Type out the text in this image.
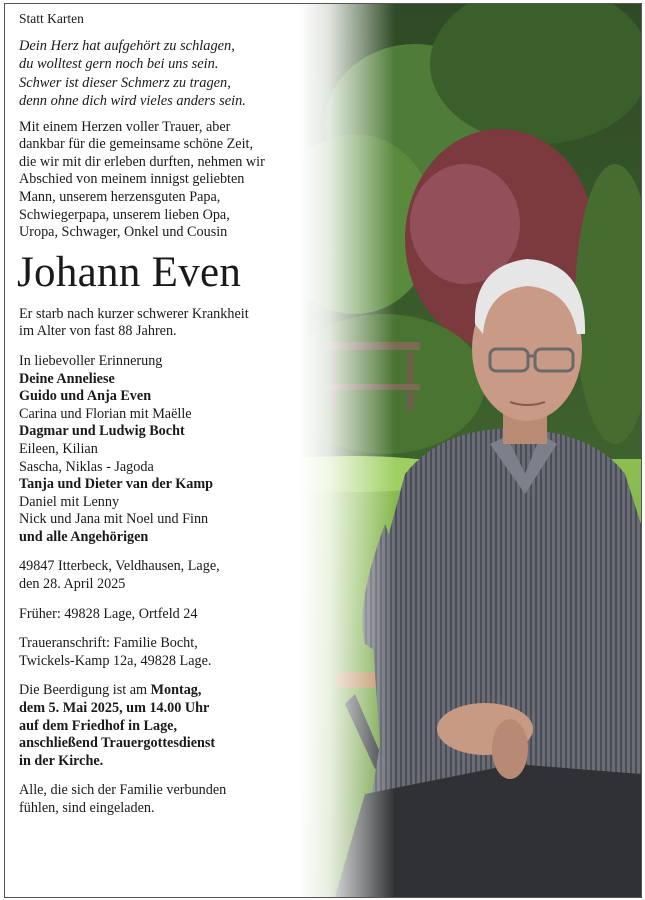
Statt Karten

Dein Herz hat aufgehört zu schlagen,
du wolltest gern noch bei uns sein.
Schwer ist dieser Schmerz zu tragen,
denn ohne dich wird vieles anders sein.

Mit einem Herzen voller Trauer, aber
dankbar für die gemeinsame schöne Zeit,
die wir mit dir erleben durften, nehmen wir
Abschied von meinem innigst geliebten
Mann, unserem herzensguten Papa,
Schwiegerpapa, unserem lieben Opa,
Uropa, Schwager, Onkel und Cousin

Johann Even

Er starb nach kurzer schwerer Krankheit
im Alter von fast 88 Jahren.

In liebevoller Erinnerung
Deine Anneliese
Guido und Anja Even
Carina und Florian mit Maëlle
Dagmar und Ludwig Bocht
Eileen, Kilian
Sascha, Niklas - Jagoda
Tanja und Dieter van der Kamp
Daniel mit Lenny
Nick und Jana mit Noel und Finn
und alle Angehörigen

49847 Itterbeck, Veldhausen, Lage,
den 28. April 2025

Früher: 49828 Lage, Ortfeld 24

Traueranschrift: Familie Bocht,
Twickels-Kamp 12a, 49828 Lage.

Die Beerdigung ist am Montag,
dem 5. Mai 2025, um 14.00 Uhr
auf dem Friedhof in Lage,
anschließend Trauergottesdienst
in der Kirche.

Alle, die sich der Familie verbunden
fühlen, sind eingeladen.
